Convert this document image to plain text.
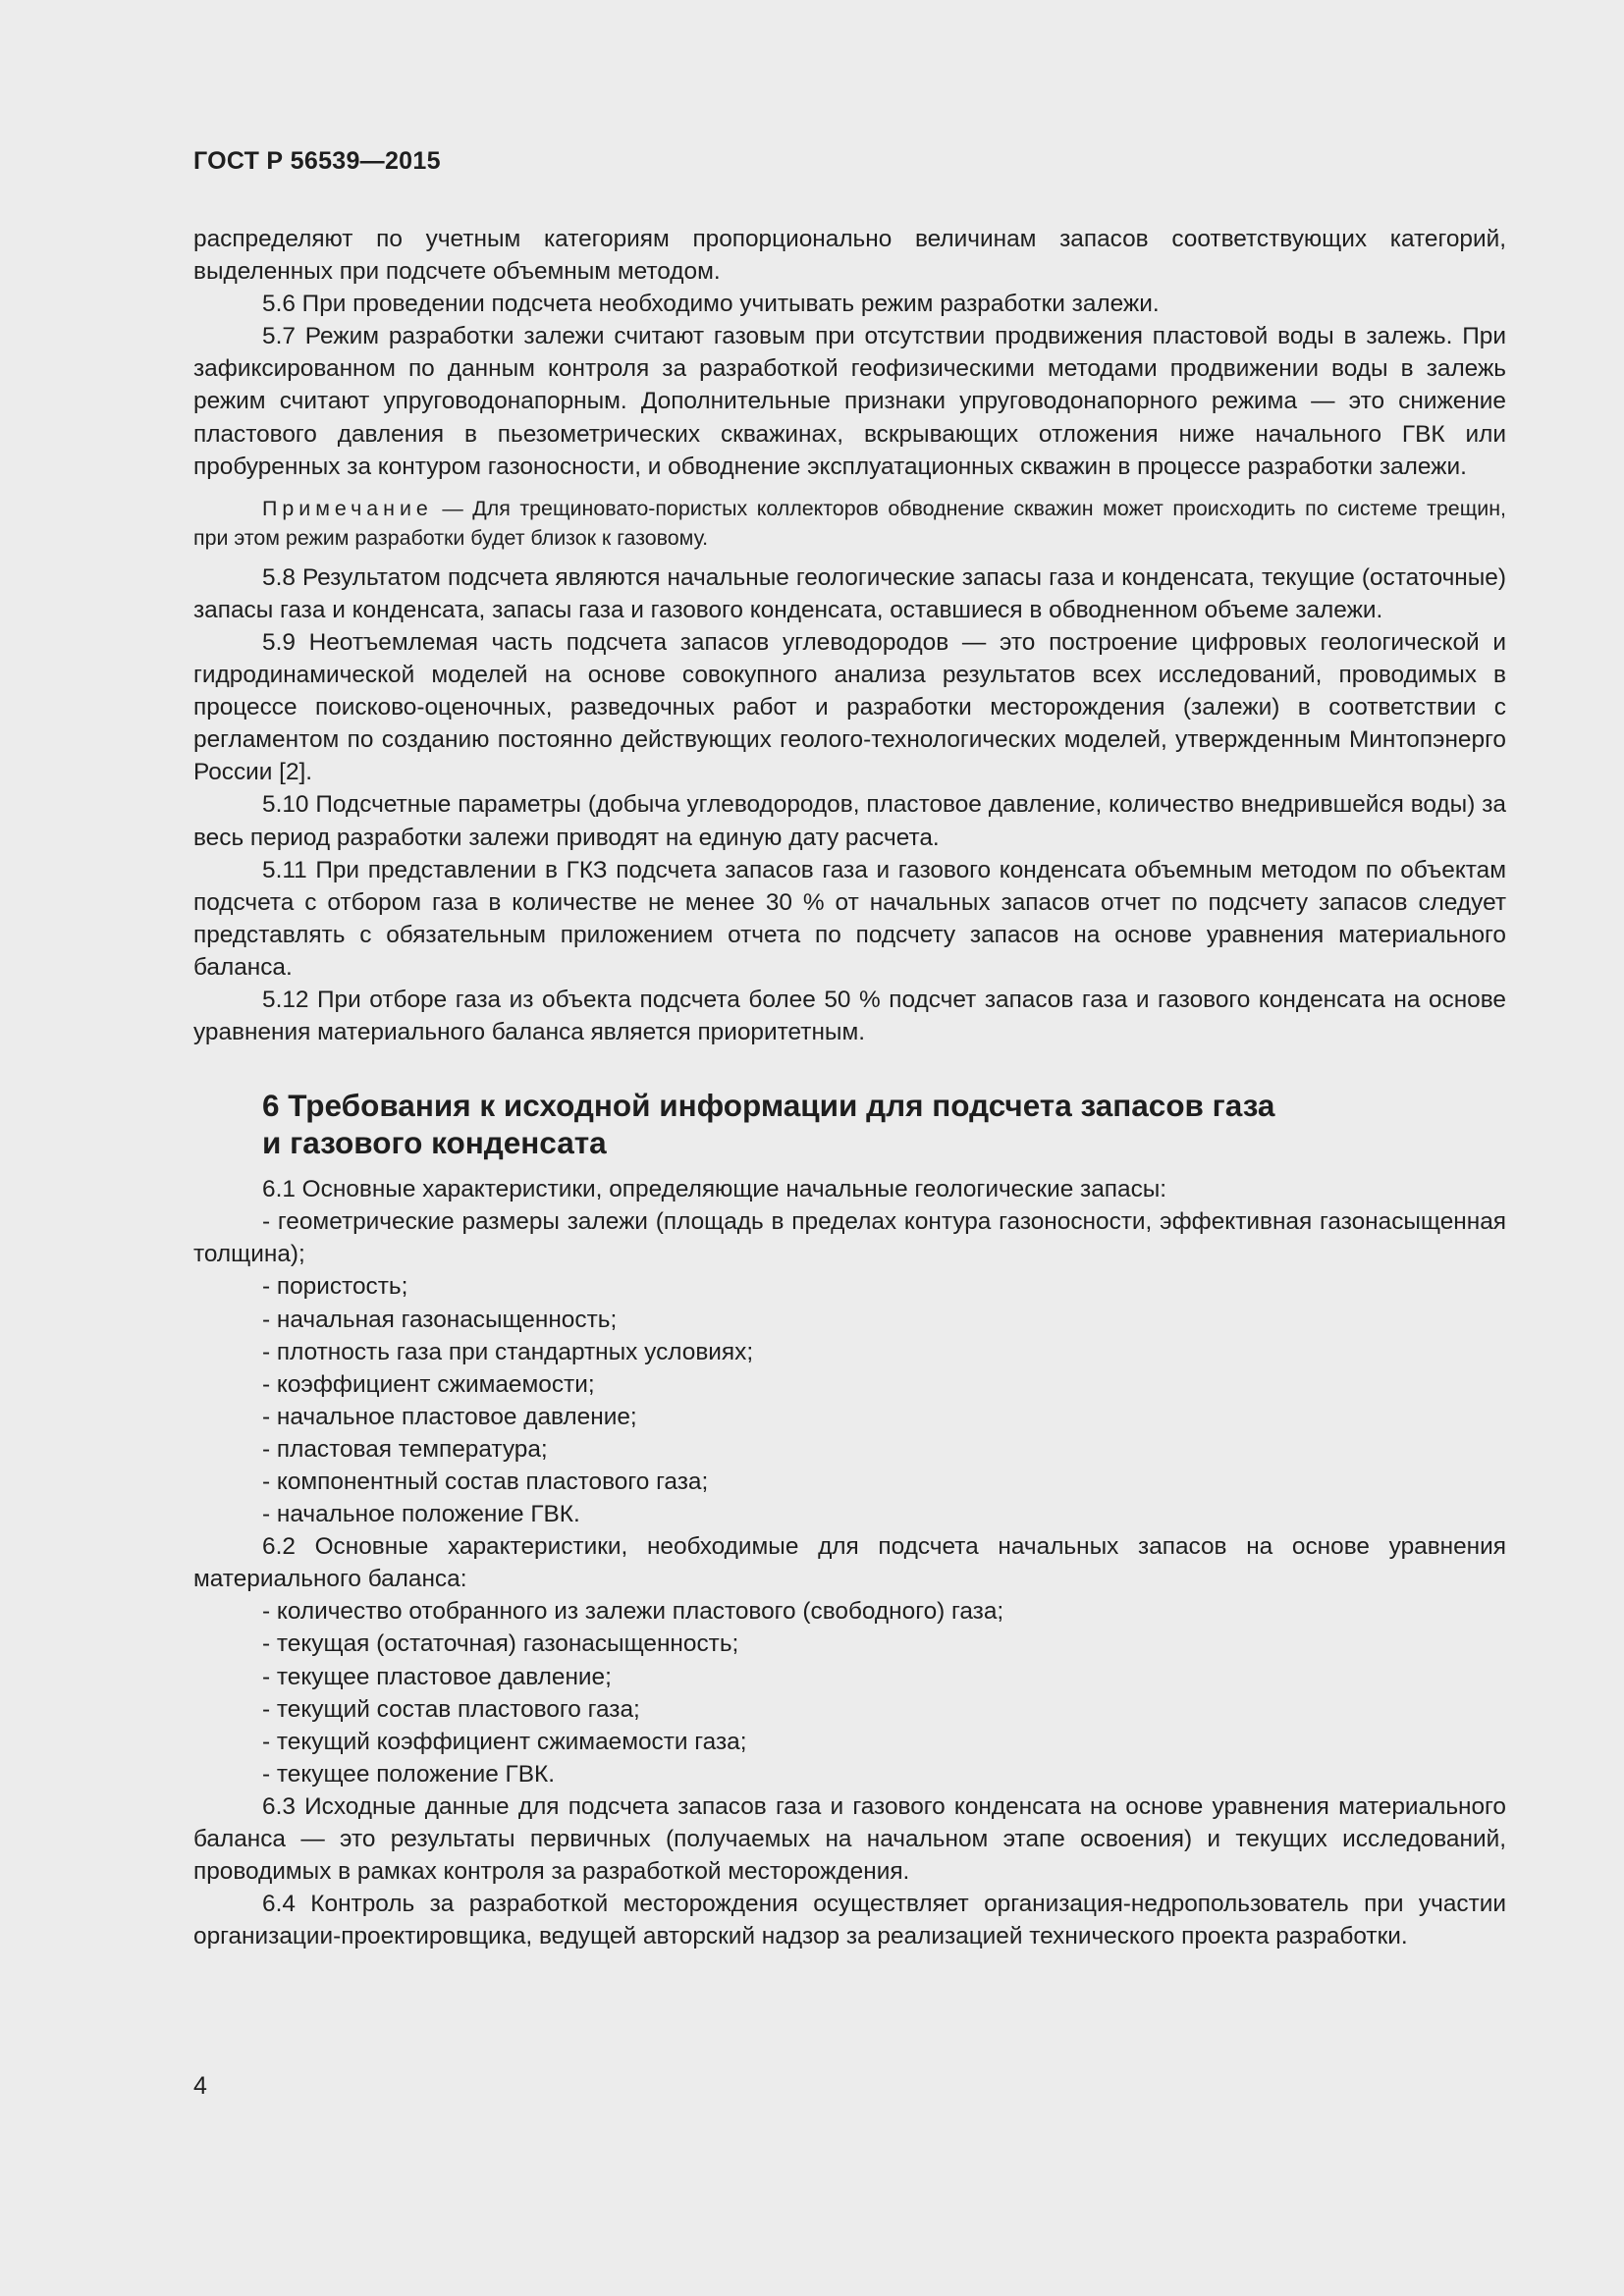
ГОСТ Р 56539—2015

распределяют по учетным категориям пропорционально величинам запасов соответствующих категорий, выделенных при подсчете объемным методом.

5.6 При проведении подсчета необходимо учитывать режим разработки залежи.

5.7 Режим разработки залежи считают газовым при отсутствии продвижения пластовой воды в залежь. При зафиксированном по данным контроля за разработкой геофизическими методами продвижении воды в залежь режим считают упруговодонапорным. Дополнительные признаки упруговодонапорного режима — это снижение пластового давления в пьезометрических скважинах, вскрывающих отложения ниже начального ГВК или пробуренных за контуром газоносности, и обводнение эксплуатационных скважин в процессе разработки залежи.

Примечание — Для трещиновато-пористых коллекторов обводнение скважин может происходить по системе трещин, при этом режим разработки будет близок к газовому.

5.8 Результатом подсчета являются начальные геологические запасы газа и конденсата, текущие (остаточные) запасы газа и конденсата, запасы газа и газового конденсата, оставшиеся в обводненном объеме залежи.

5.9 Неотъемлемая часть подсчета запасов углеводородов — это построение цифровых геологической и гидродинамической моделей на основе совокупного анализа результатов всех исследований, проводимых в процессе поисково-оценочных, разведочных работ и разработки месторождения (залежи) в соответствии с регламентом по созданию постоянно действующих геолого-технологических моделей, утвержденным Минтопэнерго России [2].

5.10 Подсчетные параметры (добыча углеводородов, пластовое давление, количество внедрившейся воды) за весь период разработки залежи приводят на единую дату расчета.

5.11 При представлении в ГКЗ подсчета запасов газа и газового конденсата объемным методом по объектам подсчета с отбором газа в количестве не менее 30 % от начальных запасов отчет по подсчету запасов следует представлять с обязательным приложением отчета по подсчету запасов на основе уравнения материального баланса.

5.12 При отборе газа из объекта подсчета более 50 % подсчет запасов газа и газового конденсата на основе уравнения материального баланса является приоритетным.

6 Требования к исходной информации для подсчета запасов газа
и газового конденсата

6.1 Основные характеристики, определяющие начальные геологические запасы:

- геометрические размеры залежи (площадь в пределах контура газоносности, эффективная газонасыщенная толщина);

- пористость;

- начальная газонасыщенность;

- плотность газа при стандартных условиях;

- коэффициент сжимаемости;

- начальное пластовое давление;

- пластовая температура;

- компонентный состав пластового газа;

- начальное положение ГВК.

6.2 Основные характеристики, необходимые для подсчета начальных запасов на основе уравнения материального баланса:

- количество отобранного из залежи пластового (свободного) газа;

- текущая (остаточная) газонасыщенность;

- текущее пластовое давление;

- текущий состав пластового газа;

- текущий коэффициент сжимаемости газа;

- текущее положение ГВК.

6.3 Исходные данные для подсчета запасов газа и газового конденсата на основе уравнения материального баланса — это результаты первичных (получаемых на начальном этапе освоения) и текущих исследований, проводимых в рамках контроля за разработкой месторождения.

6.4 Контроль за разработкой месторождения осуществляет организация-недропользователь при участии организации-проектировщика, ведущей авторский надзор за реализацией технического проекта разработки.

4
